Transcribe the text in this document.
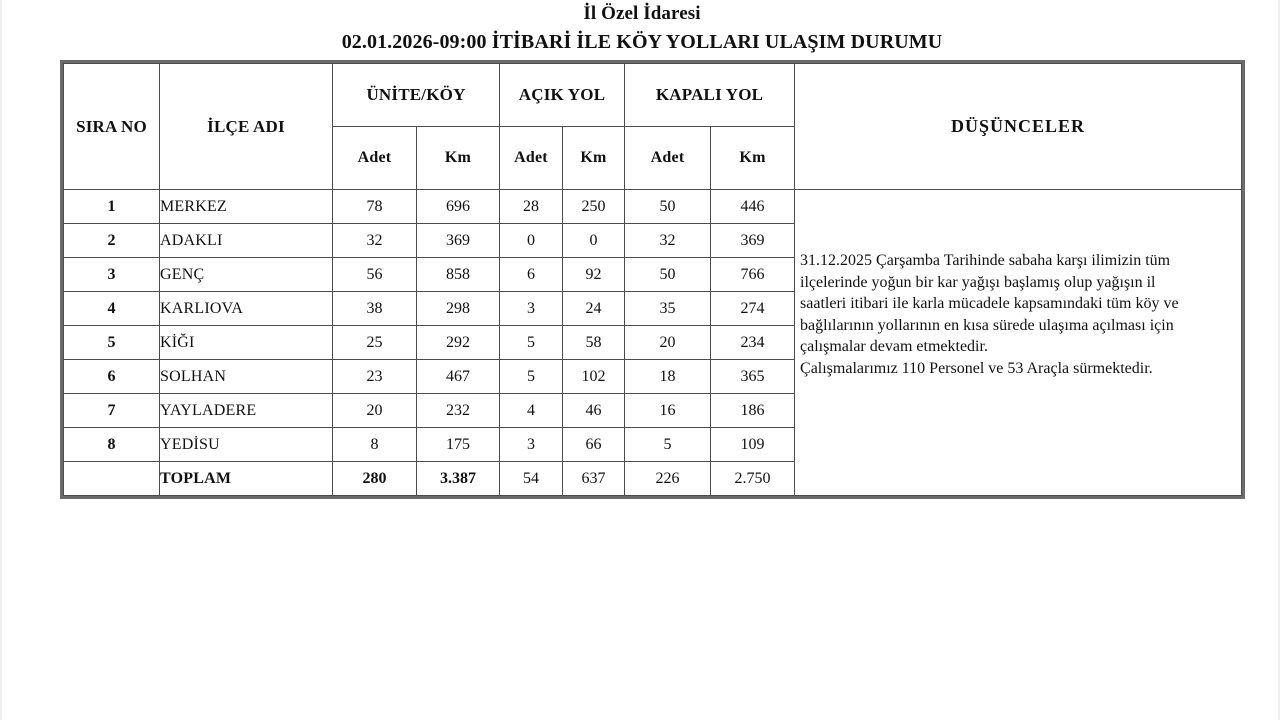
İl Özel İdaresi
02.01.2026-09:00 İTİBARİ İLE KÖY YOLLARI ULAŞIM DURUMU
SIRA NO	İLÇE ADI	ÜNİTE/KÖY		AÇIK YOL		KAPALI YOL		DÜŞÜNCELER
		Adet	Km	Adet	Km	Adet	Km	
1	MERKEZ	78	696	28	250	50	446	

31.12.2025 Çarşamba Tarihinde sabaha karşı ilimizin tüm

ilçelerinde yoğun bir kar yağışı başlamış olup yağışın il

saatleri itibari ile karla mücadele kapsamındaki tüm köy ve

bağlılarının yollarının en kısa sürede ulaşıma açılması için

çalışmalar devam etmektedir.

Çalışmalarımız 110 Personel ve 53 Araçla sürmektedir.

2	ADAKLI	32	369	0	0	32	369	
3	GENÇ	56	858	6	92	50	766	
4	KARLIOVA	38	298	3	24	35	274	
5	KİĞI	25	292	5	58	20	234	
6	SOLHAN	23	467	5	102	18	365	
7	YAYLADERE	20	232	4	46	16	186	
8	YEDİSU	8	175	3	66	5	109	
	TOPLAM	280	3.387	54	637	226	2.750	
